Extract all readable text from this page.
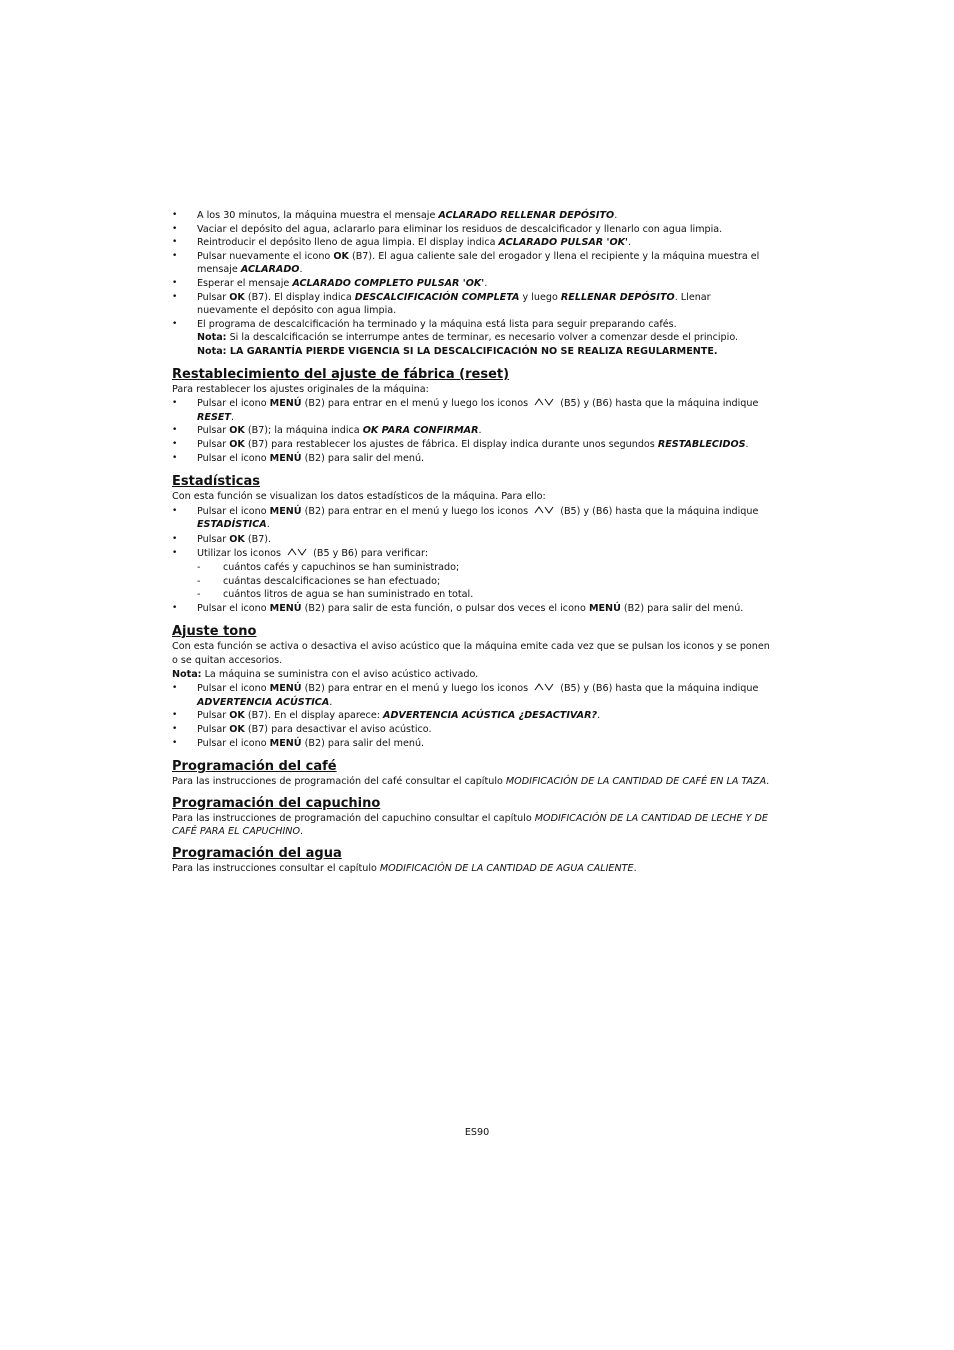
• A los 30 minutos, la máquina muestra el mensaje ACLARADO RELLENAR DEPÓSITO.
• Vaciar el depósito del agua, aclararlo para eliminar los residuos de descalcificador y llenarlo con agua limpia.
• Reintroducir el depósito lleno de agua limpia. El display indica ACLARADO PULSAR 'OK'.
• Pulsar nuevamente el icono OK (B7). El agua caliente sale del erogador y llena el recipiente y la máquina muestra el mensaje ACLARADO.
• Esperar el mensaje ACLARADO COMPLETO PULSAR 'OK'.
• Pulsar OK (B7). El display indica DESCALCIFICACIÓN COMPLETA y luego RELLENAR DEPÓSITO. Llenar nuevamente el depósito con agua limpia.
• El programa de descalcificación ha terminado y la máquina está lista para seguir preparando cafés.
Nota: Si la descalcificación se interrumpe antes de terminar, es necesario volver a comenzar desde el principio.
Nota: LA GARANTÍA PIERDE VIGENCIA SI LA DESCALCIFICACIÓN NO SE REALIZA REGULARMENTE.
Restablecimiento del ajuste de fábrica (reset)

Para restablecer los ajustes originales de la máquina:

• Pulsar el icono MENÚ (B2) para entrar en el menú y luego los iconos	(B5) y (B6) hasta que la máquina indique RESET.
• Pulsar OK (B7); la máquina indica OK PARA CONFIRMAR.
• Pulsar OK (B7) para restablecer los ajustes de fábrica. El display indica durante unos segundos RESTABLECIDOS.
• Pulsar el icono MENÚ (B2) para salir del menú.
Estadísticas

Con esta función se visualizan los datos estadísticos de la máquina. Para ello:

• Pulsar el icono MENÚ (B2) para entrar en el menú y luego los iconos	(B5) y (B6) hasta que la máquina indique ESTADÍSTICA.
• Pulsar OK (B7).
• Utilizar los iconos	(B5 y B6) para verificar:
- cuántos cafés y capuchinos se han suministrado;
- cuántas descalcificaciones se han efectuado;
- cuántos litros de agua se han suministrado en total.
• Pulsar el icono MENÚ (B2) para salir de esta función, o pulsar dos veces el icono MENÚ (B2) para salir del menú.
Ajuste tono

Con esta función se activa o desactiva el aviso acústico que la máquina emite cada vez que se pulsan los iconos y se ponen o se quitan accesorios.

Nota: La máquina se suministra con el aviso acústico activado.

• Pulsar el icono MENÚ (B2) para entrar en el menú y luego los iconos	(B5) y (B6) hasta que la máquina indique ADVERTENCIA ACÚSTICA.
• Pulsar OK (B7). En el display aparece: ADVERTENCIA ACÚSTICA ¿DESACTIVAR?.
• Pulsar OK (B7) para desactivar el aviso acústico.
• Pulsar el icono MENÚ (B2) para salir del menú.
Programación del café

Para las instrucciones de programación del café consultar el capítulo MODIFICACIÓN DE LA CANTIDAD DE CAFÉ EN LA TAZA.

Programación del capuchino

Para las instrucciones de programación del capuchino consultar el capítulo MODIFICACIÓN DE LA CANTIDAD DE LECHE Y DE CAFÉ PARA EL CAPUCHINO.

Programación del agua

Para las instrucciones consultar el capítulo MODIFICACIÓN DE LA CANTIDAD DE AGUA CALIENTE.

ES90
